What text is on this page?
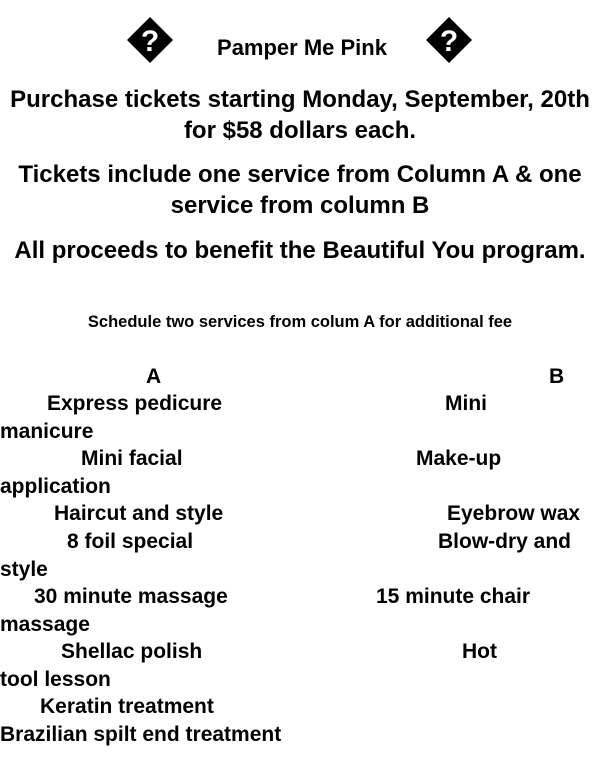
?	Pamper Me Pink	?

Purchase tickets starting Monday, September, 20th for $58 dollars each.

Tickets include one service from Column A & one service from column B

All proceeds to benefit the Beautiful You program.

Schedule two services from colum A for additional fee
A	B
Express pedicure	Mini
manicure
Mini facial	Make-up
application
Haircut and style	Eyebrow wax
8 foil special	Blow-dry and
style
30 minute massage	15 minute chair
massage
Shellac polish	Hot
tool lesson
Keratin treatment
Brazilian spilt end treatment
